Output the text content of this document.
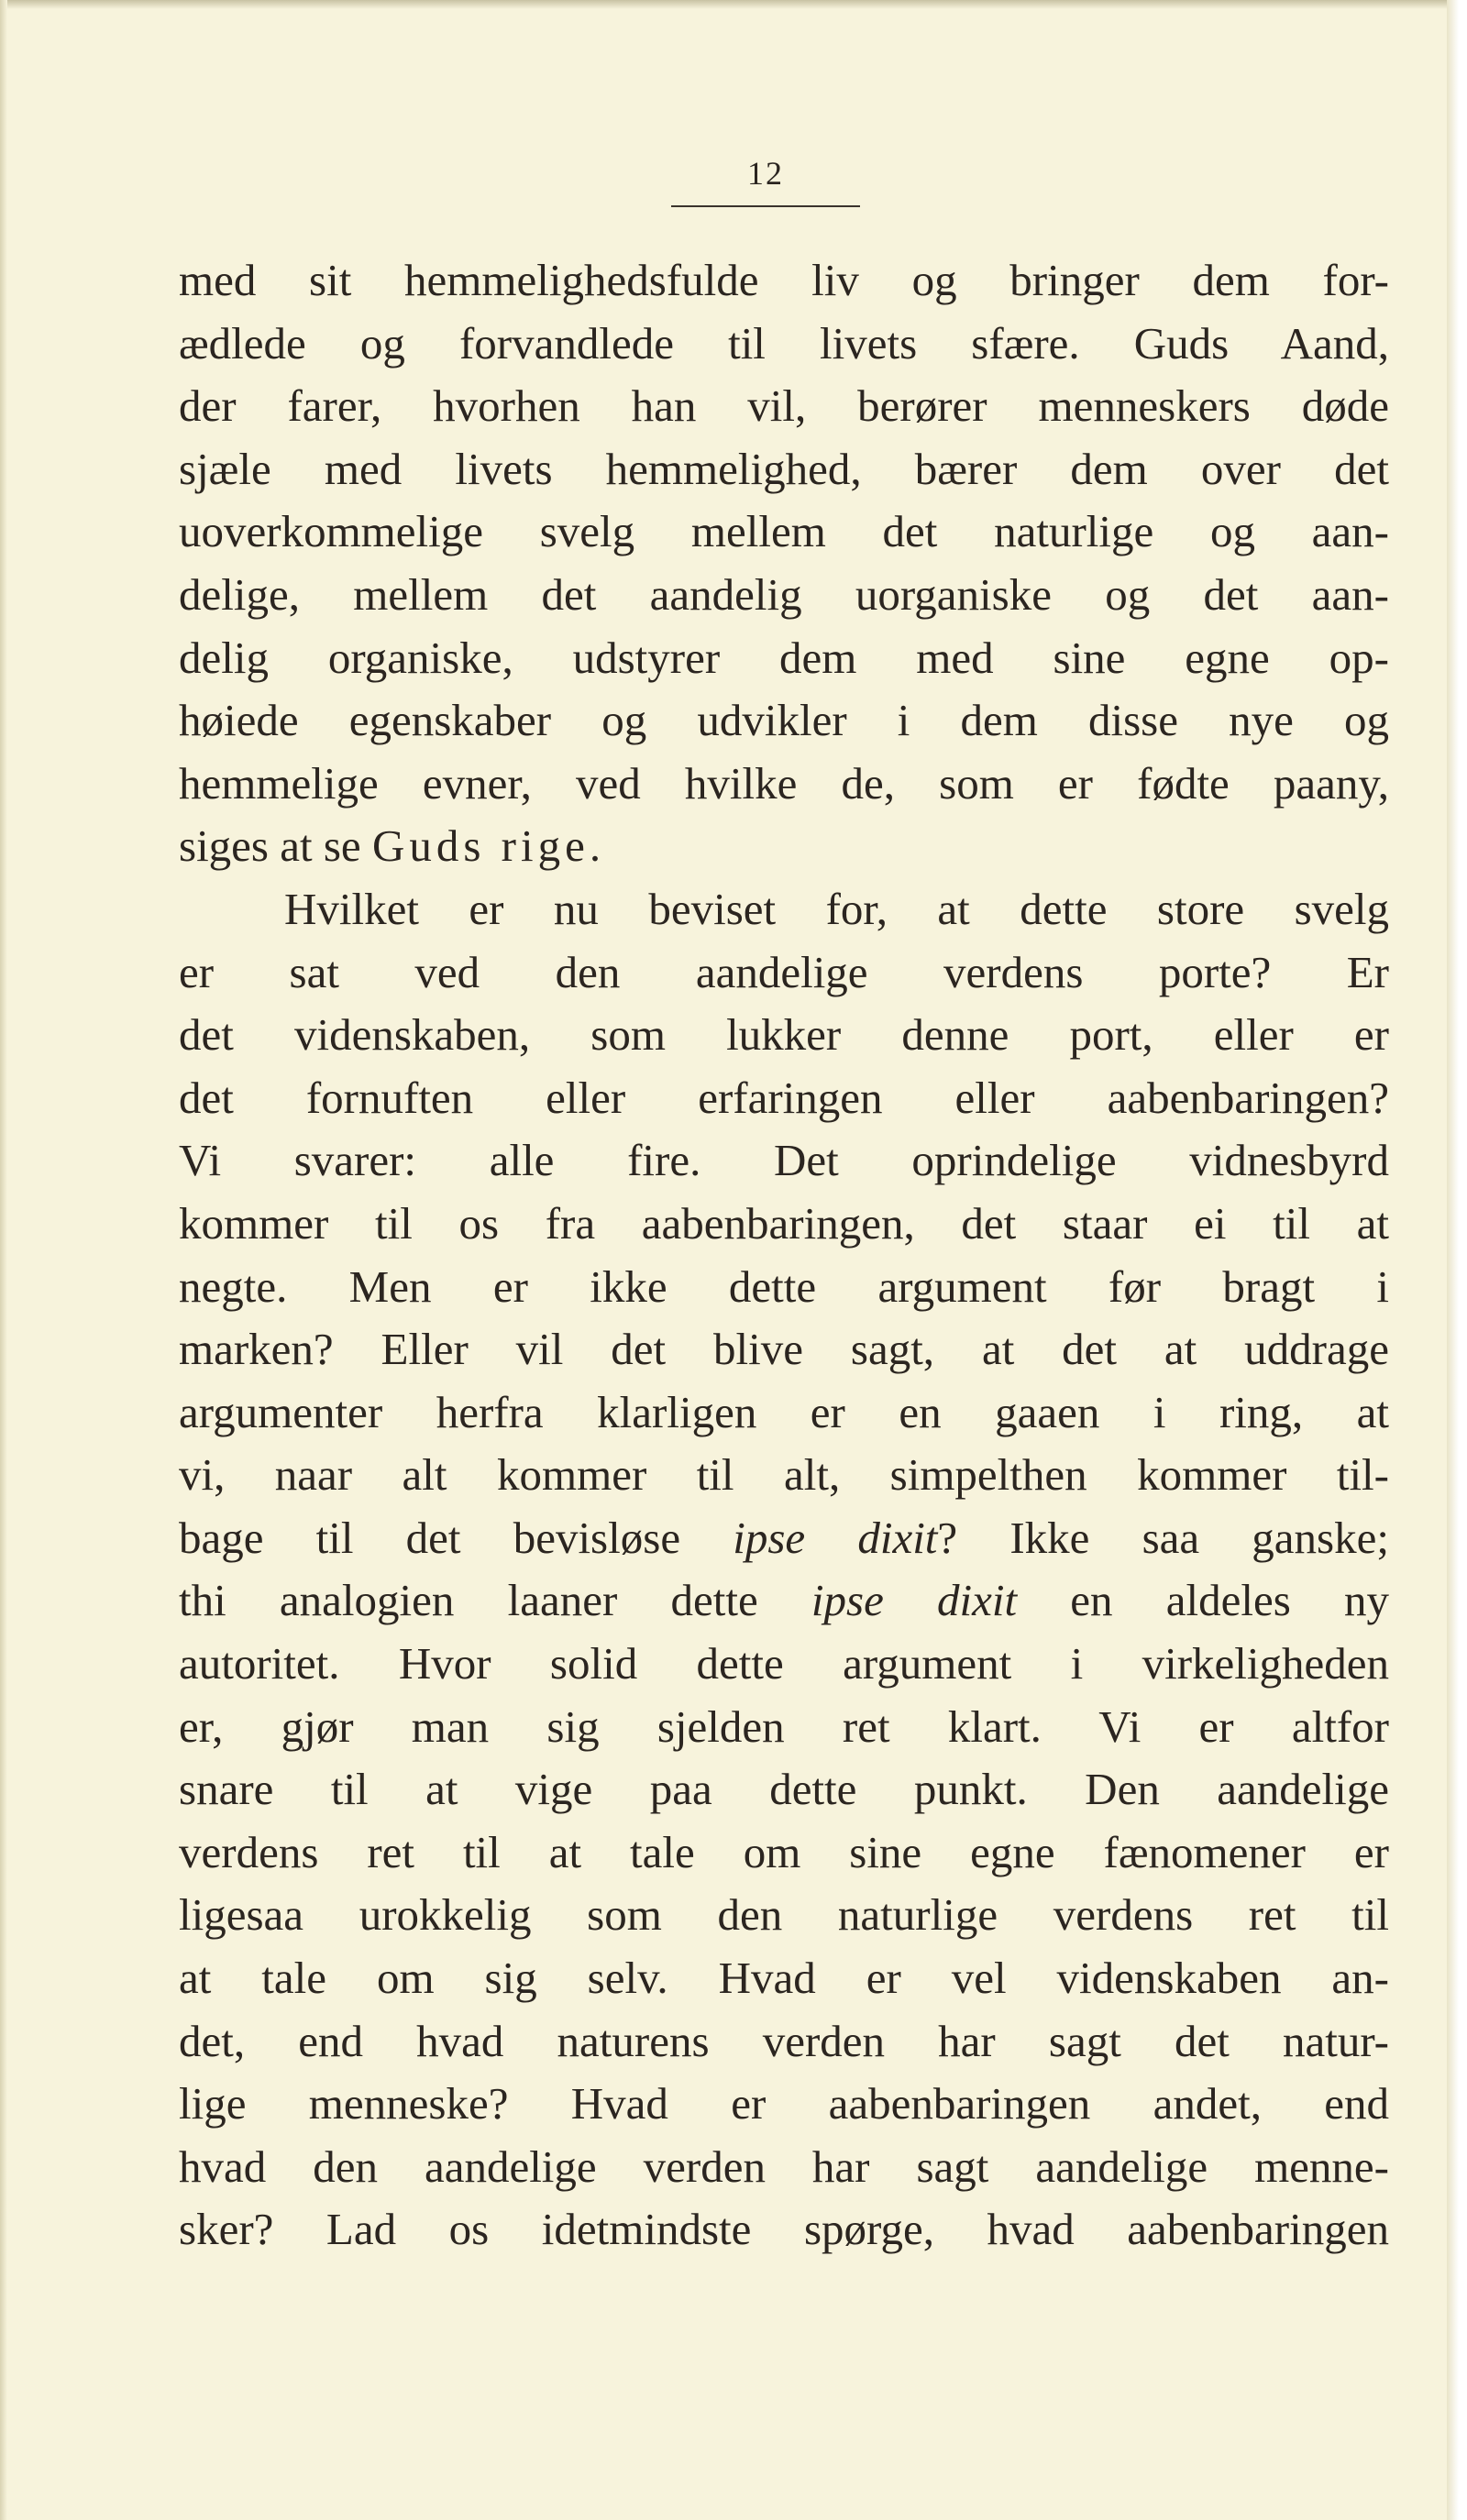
12
med sit hemmelighedsfulde liv og bringer dem for-
ædlede og forvandlede til livets sfære. Guds Aand,
der farer, hvorhen han vil, berører menneskers døde
sjæle med livets hemmelighed, bærer dem over det
uoverkommelige svelg mellem det naturlige og aan-
delige, mellem det aandelig uorganiske og det aan-
delig organiske, udstyrer dem med sine egne op-
høiede egenskaber og udvikler i dem disse nye og
hemmelige evner, ved hvilke de, som er fødte paany,
siges at se Guds rige.
Hvilket er nu beviset for, at dette store svelg
er sat ved den aandelige verdens porte? Er
det videnskaben, som lukker denne port, eller er
det fornuften eller erfaringen eller aabenbaringen?
Vi svarer: alle fire. Det oprindelige vidnesbyrd
kommer til os fra aabenbaringen, det staar ei til at
negte. Men er ikke dette argument før bragt i
marken? Eller vil det blive sagt, at det at uddrage
argumenter herfra klarligen er en gaaen i ring, at
vi, naar alt kommer til alt, simpelthen kommer til-
bage til det bevisløse ipse dixit? Ikke saa ganske;
thi analogien laaner dette ipse dixit en aldeles ny
autoritet. Hvor solid dette argument i virkeligheden
er, gjør man sig sjelden ret klart. Vi er altfor
snare til at vige paa dette punkt. Den aandelige
verdens ret til at tale om sine egne fænomener er
ligesaa urokkelig som den naturlige verdens ret til
at tale om sig selv. Hvad er vel videnskaben an-
det, end hvad naturens verden har sagt det natur-
lige menneske? Hvad er aabenbaringen andet, end
hvad den aandelige verden har sagt aandelige menne-
sker? Lad os idetmindste spørge, hvad aabenbaringen
